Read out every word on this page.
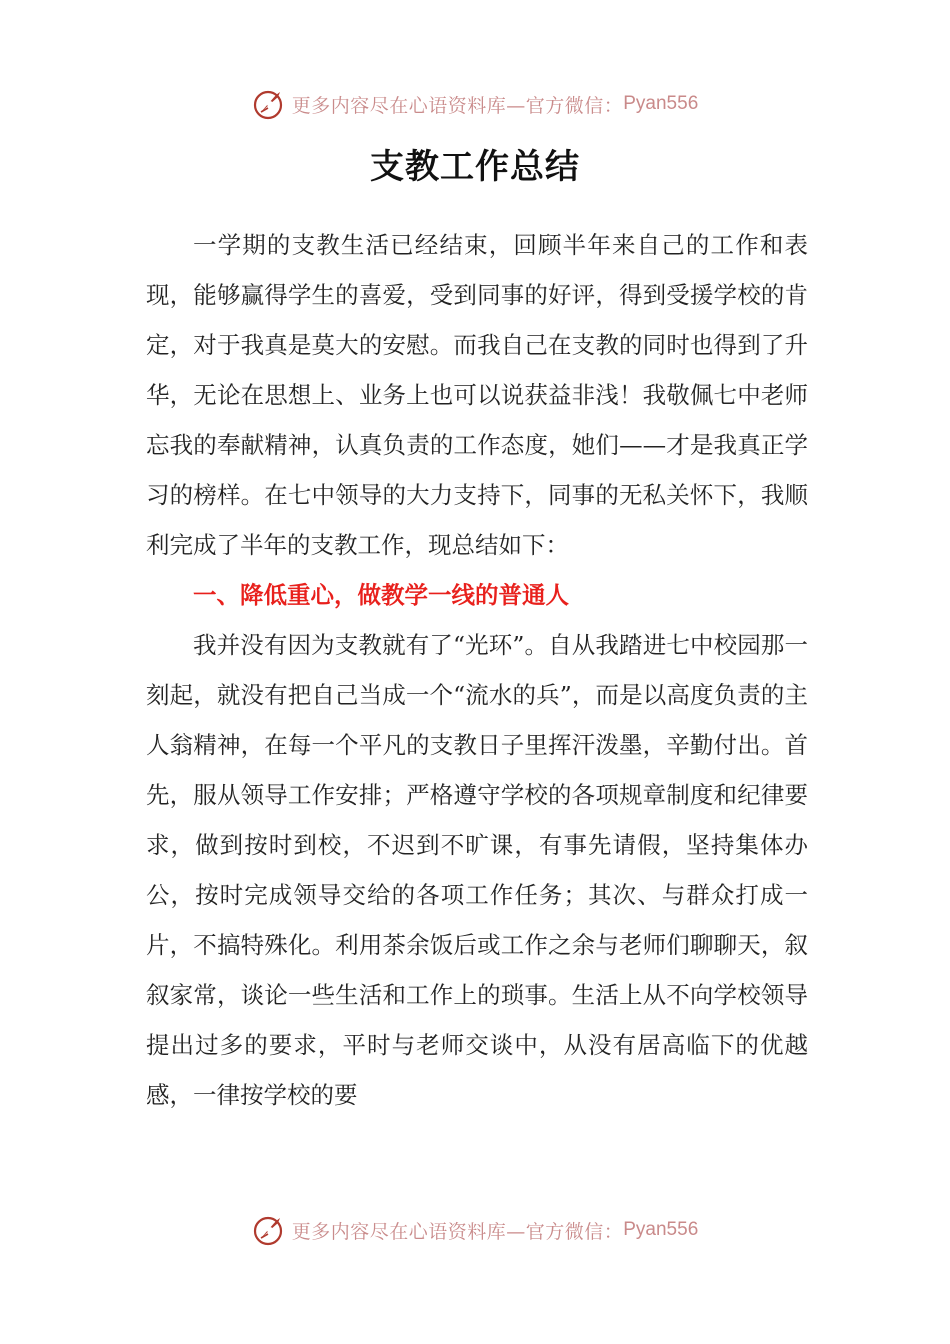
更多内容尽在心语资料库—官方微信： Pyan556
支教工作总结

一学期的支教生活已经结束，回顾半年来自己的工作和表现，能够赢得学生的喜爱，受到同事的好评，得到受援学校的肯定，对于我真是莫大的安慰。而我自己在支教的同时也得到了升华，无论在思想上、业务上也可以说获益非浅！我敬佩七中老师忘我的奉献精神，认真负责的工作态度，她们——才是我真正学习的榜样。在七中领导的大力支持下，同事的无私关怀下，我顺利完成了半年的支教工作，现总结如下：

一、降低重心，做教学一线的普通人

我并没有因为支教就有了“光环”。自从我踏进七中校园那一刻起，就没有把自己当成一个“流水的兵”，而是以高度负责的主人翁精神，在每一个平凡的支教日子里挥汗泼墨，辛勤付出。首先，服从领导工作安排；严格遵守学校的各项规章制度和纪律要求，做到按时到校，不迟到不旷课，有事先请假，坚持集体办公，按时完成领导交给的各项工作任务；其次、与群众打成一片，不搞特殊化。利用茶余饭后或工作之余与老师们聊聊天，叙叙家常，谈论一些生活和工作上的琐事。生活上从不向学校领导提出过多的要求，平时与老师交谈中，从没有居高临下的优越感，一律按学校的要

更多内容尽在心语资料库—官方微信： Pyan556
